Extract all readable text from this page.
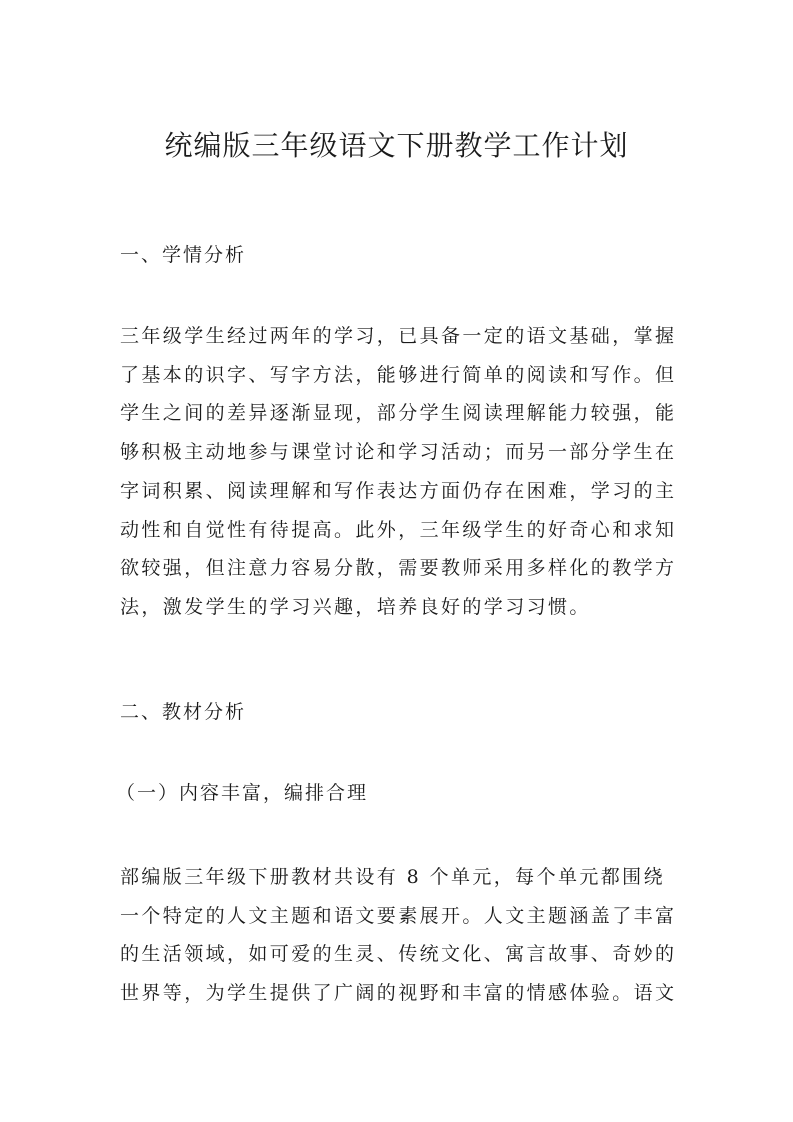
统编版三年级语文下册教学工作计划
一、学情分析
三年级学生经过两年的学习，已具备一定的语文基础，掌握
了基本的识字、写字方法，能够进行简单的阅读和写作。但
学生之间的差异逐渐显现，部分学生阅读理解能力较强，能
够积极主动地参与课堂讨论和学习活动；而另一部分学生在
字词积累、阅读理解和写作表达方面仍存在困难，学习的主
动性和自觉性有待提高。此外，三年级学生的好奇心和求知
欲较强，但注意力容易分散，需要教师采用多样化的教学方
法，激发学生的学习兴趣，培养良好的学习习惯。
二、教材分析
（一）内容丰富，编排合理
部编版三年级下册教材共设有 8 个单元，每个单元都围绕
一个特定的人文主题和语文要素展开。人文主题涵盖了丰富
的生活领域，如可爱的生灵、传统文化、寓言故事、奇妙的
世界等，为学生提供了广阔的视野和丰富的情感体验。语文
